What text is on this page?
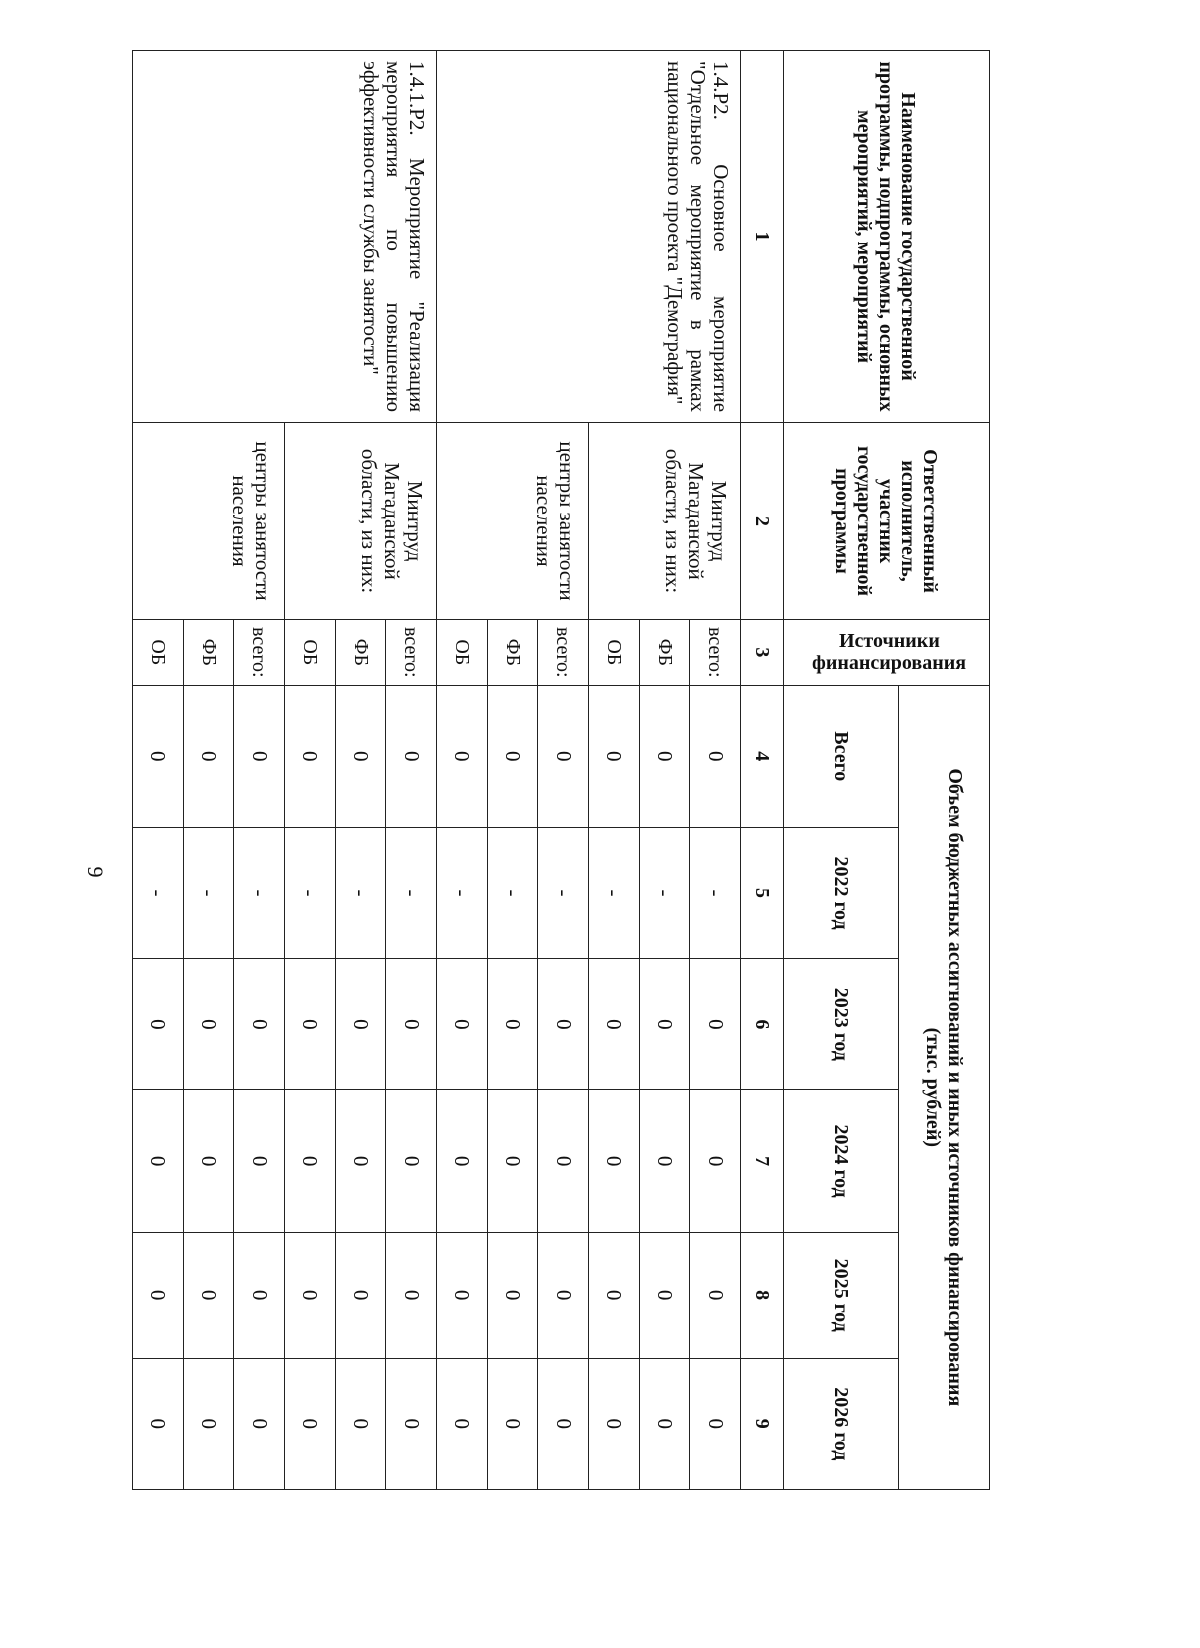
9
Наименование государственной программы, подпрограммы, основных мероприятий, мероприятий	Ответственный исполнитель, участник государственной программы	Источники финансирования	Объем бюджетных ассигнований и иных источников финансирования
(тыс. рублей)					

			Всего	2022 год	2023 год	2024 год	2025 год	2026 год
1	2	3	4	5	6	7	8	9
1.4.Р2. Основное мероприятие "Отдельное мероприятие в рамках национального проекта "Демография"	Минтруд Магаданской области, из них:	всего:	0	-	0	0	0	0
		ФБ	0	-	0	0	0	0
		ОБ	0	-	0	0	0	0
	центры занятости населения	всего:	0	-	0	0	0	0
		ФБ	0	-	0	0	0	0
		ОБ	0	-	0	0	0	0
1.4.1.Р2. Мероприятие "Реализация мероприятия по повышению эффективности службы занятости"	Минтруд Магаданской области, из них:	всего:	0	-	0	0	0	0
		ФБ	0	-	0	0	0	0
		ОБ	0	-	0	0	0	0
	центры занятости населения	всего:	0	-	0	0	0	0
		ФБ	0	-	0	0	0	0
		ОБ	0	-	0	0	0	0
